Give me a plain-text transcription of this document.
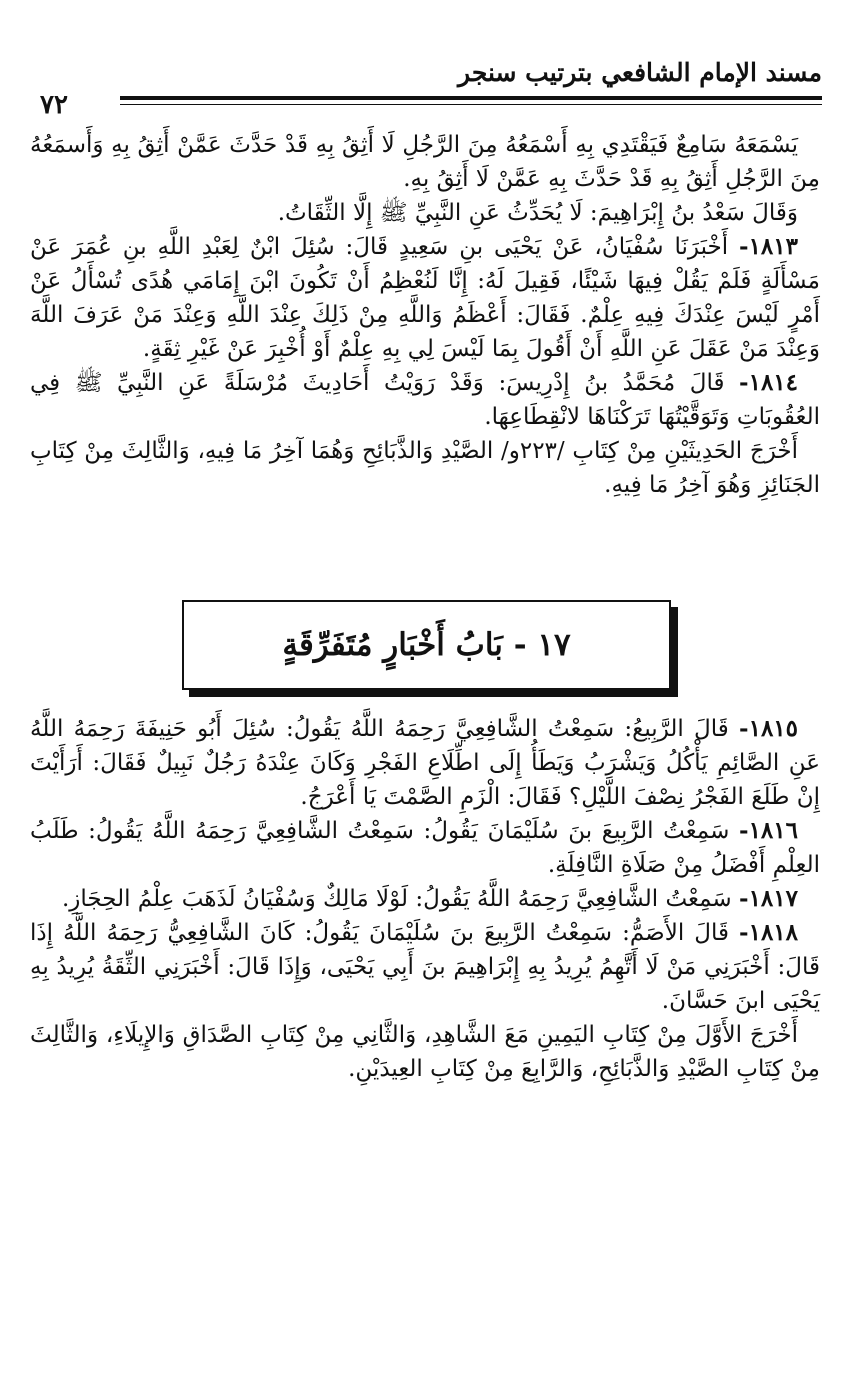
مسند الإمام الشافعي بترتيب سنجر
٧٢

يَسْمَعَهُ سَامِعٌ فَيَقْتَدِي بِهِ أَسْمَعُهُ مِنَ الرَّجُلِ لَا أَثِقُ بِهِ قَدْ حَدَّثَ عَمَّنْ أَثِقُ بِهِ وَأَسمَعُهُ مِنَ الرَّجُلِ أَثِقُ بِهِ قَدْ حَدَّثَ بِهِ عَمَّنْ لَا أَثِقُ بِهِ.

وَقَالَ سَعْدُ بنُ إِبْرَاهِيمَ: لَا يُحَدِّثُ عَنِ النَّبِيِّ ﷺ إِلَّا الثِّقَاتُ.

١٨١٣- أَخْبَرَنَا سُفْيَانُ، عَنْ يَحْيَى بنِ سَعِيدٍ قَالَ: سُئِلَ ابْنٌ لِعَبْدِ اللَّهِ بنِ عُمَرَ عَنْ مَسْأَلَةٍ فَلَمْ يَقُلْ فِيهَا شَيْئًا، فَقِيلَ لَهُ: إِنَّا لَنُعْظِمُ أَنْ تَكُونَ ابْنَ إِمَامَي هُدًى تُسْأَلُ عَنْ أَمْرٍ لَيْسَ عِنْدَكَ فِيهِ عِلْمٌ. فَقَالَ: أَعْظَمُ وَاللَّهِ مِنْ ذَلِكَ عِنْدَ اللَّهِ وَعِنْدَ مَنْ عَرَفَ اللَّهَ وَعِنْدَ مَنْ عَقَلَ عَنِ اللَّهِ أَنْ أَقُولَ بِمَا لَيْسَ لِي بِهِ عِلْمٌ أَوْ أُخْبِرَ عَنْ غَيْرِ ثِقَةٍ.

١٨١٤- قَالَ مُحَمَّدُ بنُ إِدْرِيسَ: وَقَدْ رَوَيْتُ أَحَادِيثَ مُرْسَلَةً عَنِ النَّبِيِّ ﷺ فِي العُقُوبَاتِ وَتَوَقَّيْتُهَا تَرَكْنَاهَا لانْقِطَاعِهَا.

أَخْرَجَ الحَدِيثَيْنِ مِنْ كِتَابِ /٢٢٣و/ الصَّيْدِ وَالذَّبَائِحِ وَهُمَا آخِرُ مَا فِيهِ، وَالثَّالِثَ مِنْ كِتَابِ الجَنَائِزِ وَهُوَ آخِرُ مَا فِيهِ.

١٧ - بَابُ أَخْبَارٍ مُتَفَرِّقَةٍ

١٨١٥- قَالَ الرَّبِيعُ: سَمِعْتُ الشَّافِعِيَّ رَحِمَهُ اللَّهُ يَقُولُ: سُئِلَ أَبُو حَنِيفَةَ رَحِمَهُ اللَّهُ عَنِ الصَّائِمِ يَأْكُلُ وَيَشْرَبُ وَيَطَأُ إِلَى اطِّلَاعِ الفَجْرِ وَكَانَ عِنْدَهُ رَجُلٌ نَبِيلٌ فَقَالَ: أَرَأَيْتَ إِنْ طَلَعَ الفَجْرُ نِصْفَ اللَّيْلِ؟ فَقَالَ: الْزَمِ الصَّمْتَ يَا أَعْرَجُ.

١٨١٦- سَمِعْتُ الرَّبِيعَ بنَ سُلَيْمَانَ يَقُولُ: سَمِعْتُ الشَّافِعِيَّ رَحِمَهُ اللَّهُ يَقُولُ: طَلَبُ العِلْمِ أَفْضَلُ مِنْ صَلَاةِ النَّافِلَةِ.

١٨١٧- سَمِعْتُ الشَّافِعِيَّ رَحِمَهُ اللَّهُ يَقُولُ: لَوْلَا مَالِكٌ وَسُفْيَانُ لَذَهَبَ عِلْمُ الحِجَازِ.

١٨١٨- قَالَ الأَصَمُّ: سَمِعْتُ الرَّبِيعَ بنَ سُلَيْمَانَ يَقُولُ: كَانَ الشَّافِعِيُّ رَحِمَهُ اللَّهُ إِذَا قَالَ: أَخْبَرَنِي مَنْ لَا أَتَّهِمُ يُرِيدُ بِهِ إِبْرَاهِيمَ بنَ أَبِي يَحْيَى، وَإِذَا قَالَ: أَخْبَرَنِي الثِّقَةُ يُرِيدُ بِهِ يَحْيَى ابنَ حَسَّانَ.

أَخْرَجَ الأَوَّلَ مِنْ كِتَابِ اليَمِينِ مَعَ الشَّاهِدِ، وَالثَّانِي مِنْ كِتَابِ الصَّدَاقِ وَالإِيلَاءِ، وَالثَّالِثَ مِنْ كِتَابِ الصَّيْدِ وَالذَّبَائِحِ، وَالرَّابِعَ مِنْ كِتَابِ العِيدَيْنِ.
